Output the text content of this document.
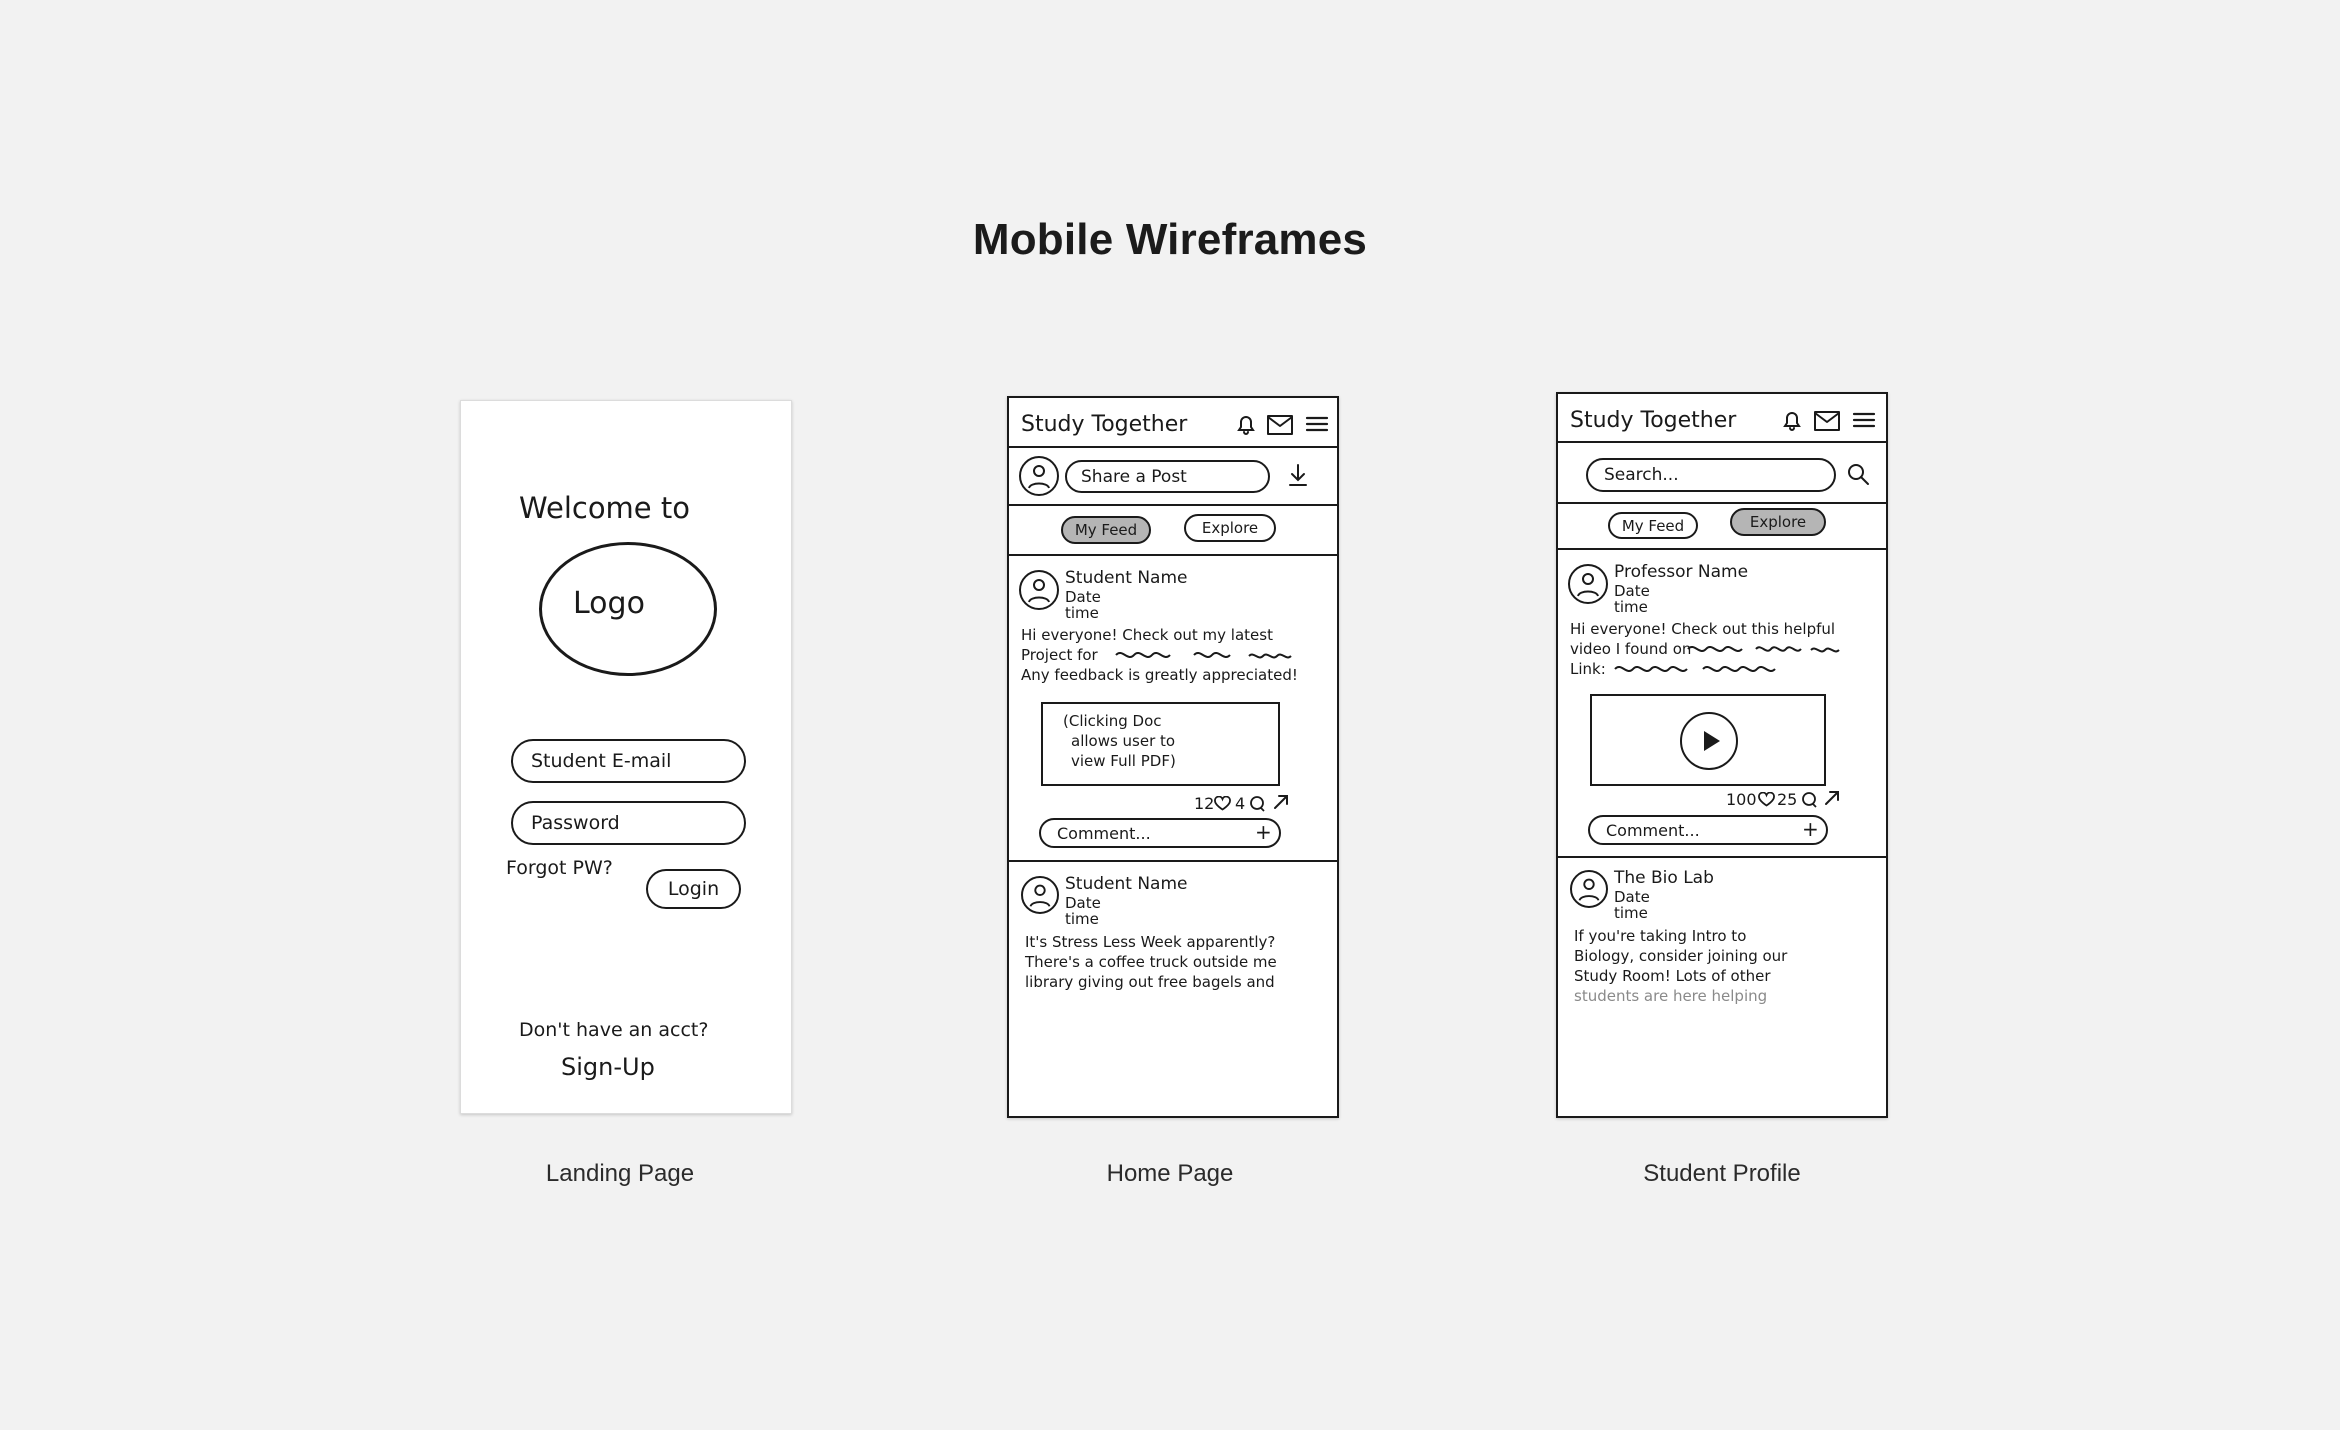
Mobile Wireframes
Welcome to
Logo
Student E-mail
Password
Forgot PW?
Login
Don't have an acct?
Sign-Up
Landing Page
Study Together
Share a Post
My Feed	Explore
Student Name
Date
time
Hi everyone! Check out my latest
Project for
Any feedback is greatly appreciated!
(Clicking Doc
allows user to
view Full PDF)
12 4
Comment...	+
Student Name
Date
time
It's Stress Less Week apparently?
There's a coffee truck outside me
library giving out free bagels and
Home Page
Study Together
Search...
My Feed	Explore
Professor Name
Date
time
Hi everyone! Check out this helpful
video I found on
Link:
100 25
Comment...	+
The Bio Lab
Date
time
If you're taking Intro to
Biology, consider joining our
Study Room! Lots of other
students are here helping
Student Profile
